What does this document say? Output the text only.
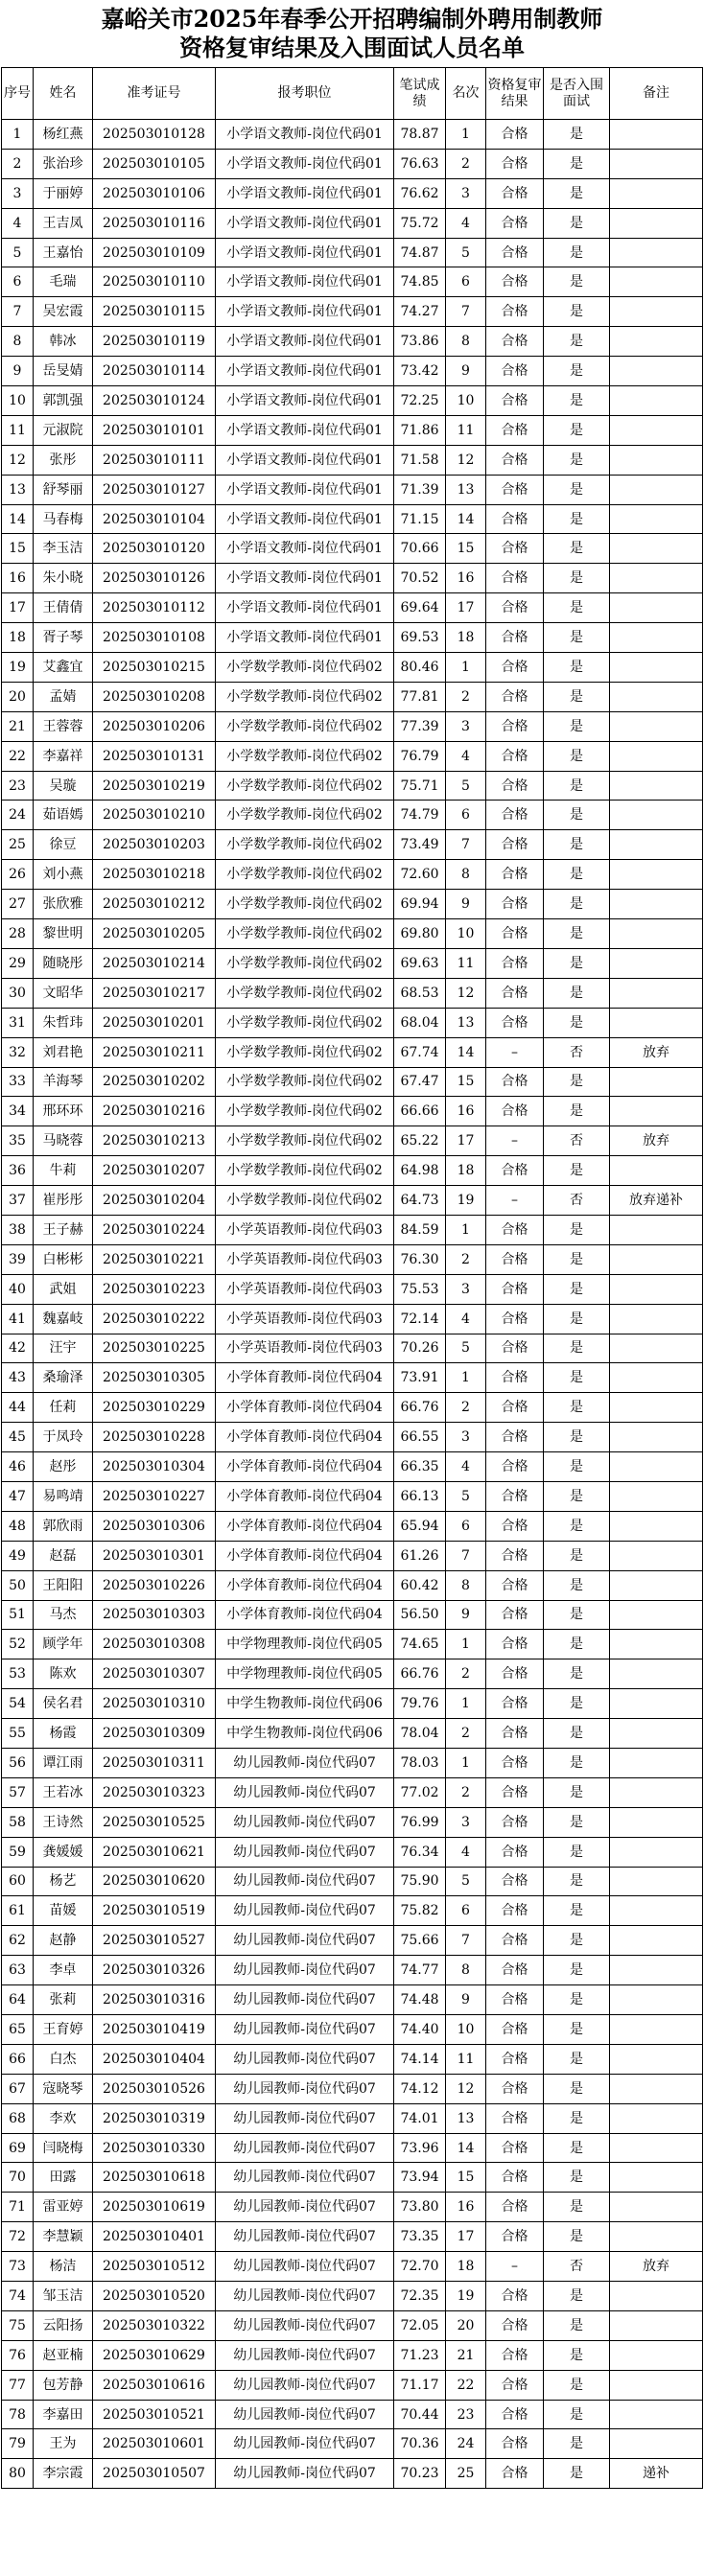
嘉峪关市2025年春季公开招聘编制外聘用制教师
资格复审结果及入围面试人员名单
序号	姓名	准考证号	报考职位	笔试成绩	名次	资格复审结果	是否入围面试	备注
1	杨红燕	202503010128	小学语文教师-岗位代码01	78.87	1	合格	是	
2	张治珍	202503010105	小学语文教师-岗位代码01	76.63	2	合格	是	
3	于丽婷	202503010106	小学语文教师-岗位代码01	76.62	3	合格	是	
4	王吉凤	202503010116	小学语文教师-岗位代码01	75.72	4	合格	是	
5	王嘉怡	202503010109	小学语文教师-岗位代码01	74.87	5	合格	是	
6	毛瑞	202503010110	小学语文教师-岗位代码01	74.85	6	合格	是	
7	吴宏霞	202503010115	小学语文教师-岗位代码01	74.27	7	合格	是	
8	韩冰	202503010119	小学语文教师-岗位代码01	73.86	8	合格	是	
9	岳旻婧	202503010114	小学语文教师-岗位代码01	73.42	9	合格	是	
10	郭凯强	202503010124	小学语文教师-岗位代码01	72.25	10	合格	是	
11	元淑院	202503010101	小学语文教师-岗位代码01	71.86	11	合格	是	
12	张彤	202503010111	小学语文教师-岗位代码01	71.58	12	合格	是	
13	舒琴丽	202503010127	小学语文教师-岗位代码01	71.39	13	合格	是	
14	马春梅	202503010104	小学语文教师-岗位代码01	71.15	14	合格	是	
15	李玉洁	202503010120	小学语文教师-岗位代码01	70.66	15	合格	是	
16	朱小晓	202503010126	小学语文教师-岗位代码01	70.52	16	合格	是	
17	王倩倩	202503010112	小学语文教师-岗位代码01	69.64	17	合格	是	
18	胥子琴	202503010108	小学语文教师-岗位代码01	69.53	18	合格	是	
19	艾鑫宜	202503010215	小学数学教师-岗位代码02	80.46	1	合格	是	
20	孟婧	202503010208	小学数学教师-岗位代码02	77.81	2	合格	是	
21	王蓉蓉	202503010206	小学数学教师-岗位代码02	77.39	3	合格	是	
22	李嘉祥	202503010131	小学数学教师-岗位代码02	76.79	4	合格	是	
23	吴璇	202503010219	小学数学教师-岗位代码02	75.71	5	合格	是	
24	茹语嫣	202503010210	小学数学教师-岗位代码02	74.79	6	合格	是	
25	徐豆	202503010203	小学数学教师-岗位代码02	73.49	7	合格	是	
26	刘小燕	202503010218	小学数学教师-岗位代码02	72.60	8	合格	是	
27	张欣雅	202503010212	小学数学教师-岗位代码02	69.94	9	合格	是	
28	黎世明	202503010205	小学数学教师-岗位代码02	69.80	10	合格	是	
29	随晓彤	202503010214	小学数学教师-岗位代码02	69.63	11	合格	是	
30	文昭华	202503010217	小学数学教师-岗位代码02	68.53	12	合格	是	
31	朱哲玮	202503010201	小学数学教师-岗位代码02	68.04	13	合格	是	
32	刘君艳	202503010211	小学数学教师-岗位代码02	67.74	14	–	否	放弃
33	羊海琴	202503010202	小学数学教师-岗位代码02	67.47	15	合格	是	
34	邢环环	202503010216	小学数学教师-岗位代码02	66.66	16	合格	是	
35	马晓蓉	202503010213	小学数学教师-岗位代码02	65.22	17	–	否	放弃
36	牛莉	202503010207	小学数学教师-岗位代码02	64.98	18	合格	是	
37	崔彤彤	202503010204	小学数学教师-岗位代码02	64.73	19	–	否	放弃递补
38	王子赫	202503010224	小学英语教师-岗位代码03	84.59	1	合格	是	
39	白彬彬	202503010221	小学英语教师-岗位代码03	76.30	2	合格	是	
40	武姐	202503010223	小学英语教师-岗位代码03	75.53	3	合格	是	
41	魏嘉岐	202503010222	小学英语教师-岗位代码03	72.14	4	合格	是	
42	汪宇	202503010225	小学英语教师-岗位代码03	70.26	5	合格	是	
43	桑瑜泽	202503010305	小学体育教师-岗位代码04	73.91	1	合格	是	
44	任莉	202503010229	小学体育教师-岗位代码04	66.76	2	合格	是	
45	于凤玲	202503010228	小学体育教师-岗位代码04	66.55	3	合格	是	
46	赵彤	202503010304	小学体育教师-岗位代码04	66.35	4	合格	是	
47	易鸣靖	202503010227	小学体育教师-岗位代码04	66.13	5	合格	是	
48	郭欣雨	202503010306	小学体育教师-岗位代码04	65.94	6	合格	是	
49	赵磊	202503010301	小学体育教师-岗位代码04	61.26	7	合格	是	
50	王阳阳	202503010226	小学体育教师-岗位代码04	60.42	8	合格	是	
51	马杰	202503010303	小学体育教师-岗位代码04	56.50	9	合格	是	
52	顾学年	202503010308	中学物理教师-岗位代码05	74.65	1	合格	是	
53	陈欢	202503010307	中学物理教师-岗位代码05	66.76	2	合格	是	
54	侯名君	202503010310	中学生物教师-岗位代码06	79.76	1	合格	是	
55	杨霞	202503010309	中学生物教师-岗位代码06	78.04	2	合格	是	
56	谭江雨	202503010311	幼儿园教师-岗位代码07	78.03	1	合格	是	
57	王若冰	202503010323	幼儿园教师-岗位代码07	77.02	2	合格	是	
58	王诗然	202503010525	幼儿园教师-岗位代码07	76.99	3	合格	是	
59	龚媛媛	202503010621	幼儿园教师-岗位代码07	76.34	4	合格	是	
60	杨艺	202503010620	幼儿园教师-岗位代码07	75.90	5	合格	是	
61	苗媛	202503010519	幼儿园教师-岗位代码07	75.82	6	合格	是	
62	赵静	202503010527	幼儿园教师-岗位代码07	75.66	7	合格	是	
63	李卓	202503010326	幼儿园教师-岗位代码07	74.77	8	合格	是	
64	张莉	202503010316	幼儿园教师-岗位代码07	74.48	9	合格	是	
65	王育婷	202503010419	幼儿园教师-岗位代码07	74.40	10	合格	是	
66	白杰	202503010404	幼儿园教师-岗位代码07	74.14	11	合格	是	
67	寇晓琴	202503010526	幼儿园教师-岗位代码07	74.12	12	合格	是	
68	李欢	202503010319	幼儿园教师-岗位代码07	74.01	13	合格	是	
69	闫晓梅	202503010330	幼儿园教师-岗位代码07	73.96	14	合格	是	
70	田露	202503010618	幼儿园教师-岗位代码07	73.94	15	合格	是	
71	雷亚婷	202503010619	幼儿园教师-岗位代码07	73.80	16	合格	是	
72	李慧颖	202503010401	幼儿园教师-岗位代码07	73.35	17	合格	是	
73	杨洁	202503010512	幼儿园教师-岗位代码07	72.70	18	–	否	放弃
74	邹玉洁	202503010520	幼儿园教师-岗位代码07	72.35	19	合格	是	
75	云阳扬	202503010322	幼儿园教师-岗位代码07	72.05	20	合格	是	
76	赵亚楠	202503010629	幼儿园教师-岗位代码07	71.23	21	合格	是	
77	包芳静	202503010616	幼儿园教师-岗位代码07	71.17	22	合格	是	
78	李嘉田	202503010521	幼儿园教师-岗位代码07	70.44	23	合格	是	
79	王为	202503010601	幼儿园教师-岗位代码07	70.36	24	合格	是	
80	李宗霞	202503010507	幼儿园教师-岗位代码07	70.23	25	合格	是	递补
